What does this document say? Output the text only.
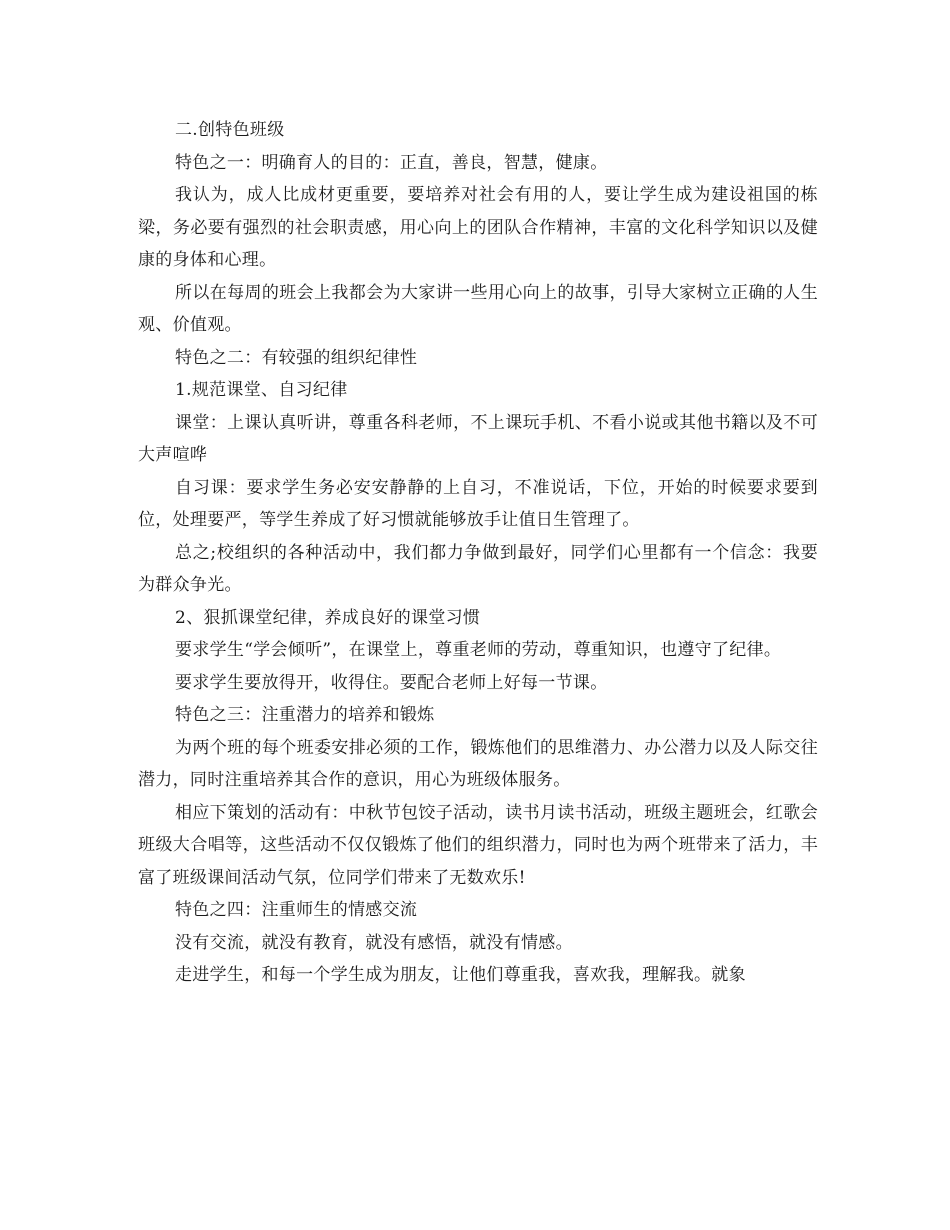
二.创特色班级

特色之一：明确育人的目的：正直，善良，智慧，健康。

我认为，成人比成材更重要，要培养对社会有用的人，要让学生成为建设祖国的栋梁，务必要有强烈的社会职责感，用心向上的团队合作精神，丰富的文化科学知识以及健康的身体和心理。

所以在每周的班会上我都会为大家讲一些用心向上的故事，引导大家树立正确的人生观、价值观。

特色之二：有较强的组织纪律性

1.规范课堂、自习纪律

课堂：上课认真听讲，尊重各科老师，不上课玩手机、不看小说或其他书籍以及不可大声喧哗

自习课：要求学生务必安安静静的上自习，不准说话，下位，开始的时候要求要到位，处理要严，等学生养成了好习惯就能够放手让值日生管理了。

总之;校组织的各种活动中，我们都力争做到最好，同学们心里都有一个信念：我要为群众争光。

2、狠抓课堂纪律，养成良好的课堂习惯

要求学生“学会倾听”，在课堂上，尊重老师的劳动，尊重知识，也遵守了纪律。

要求学生要放得开，收得住。要配合老师上好每一节课。

特色之三：注重潜力的培养和锻炼

为两个班的每个班委安排必须的工作，锻炼他们的思维潜力、办公潜力以及人际交往潜力，同时注重培养其合作的意识，用心为班级体服务。

相应下策划的活动有：中秋节包饺子活动，读书月读书活动，班级主题班会，红歌会班级大合唱等，这些活动不仅仅锻炼了他们的组织潜力，同时也为两个班带来了活力，丰富了班级课间活动气氛，位同学们带来了无数欢乐!

特色之四：注重师生的情感交流

没有交流，就没有教育，就没有感悟，就没有情感。

走进学生，和每一个学生成为朋友，让他们尊重我，喜欢我，理解我。就象
